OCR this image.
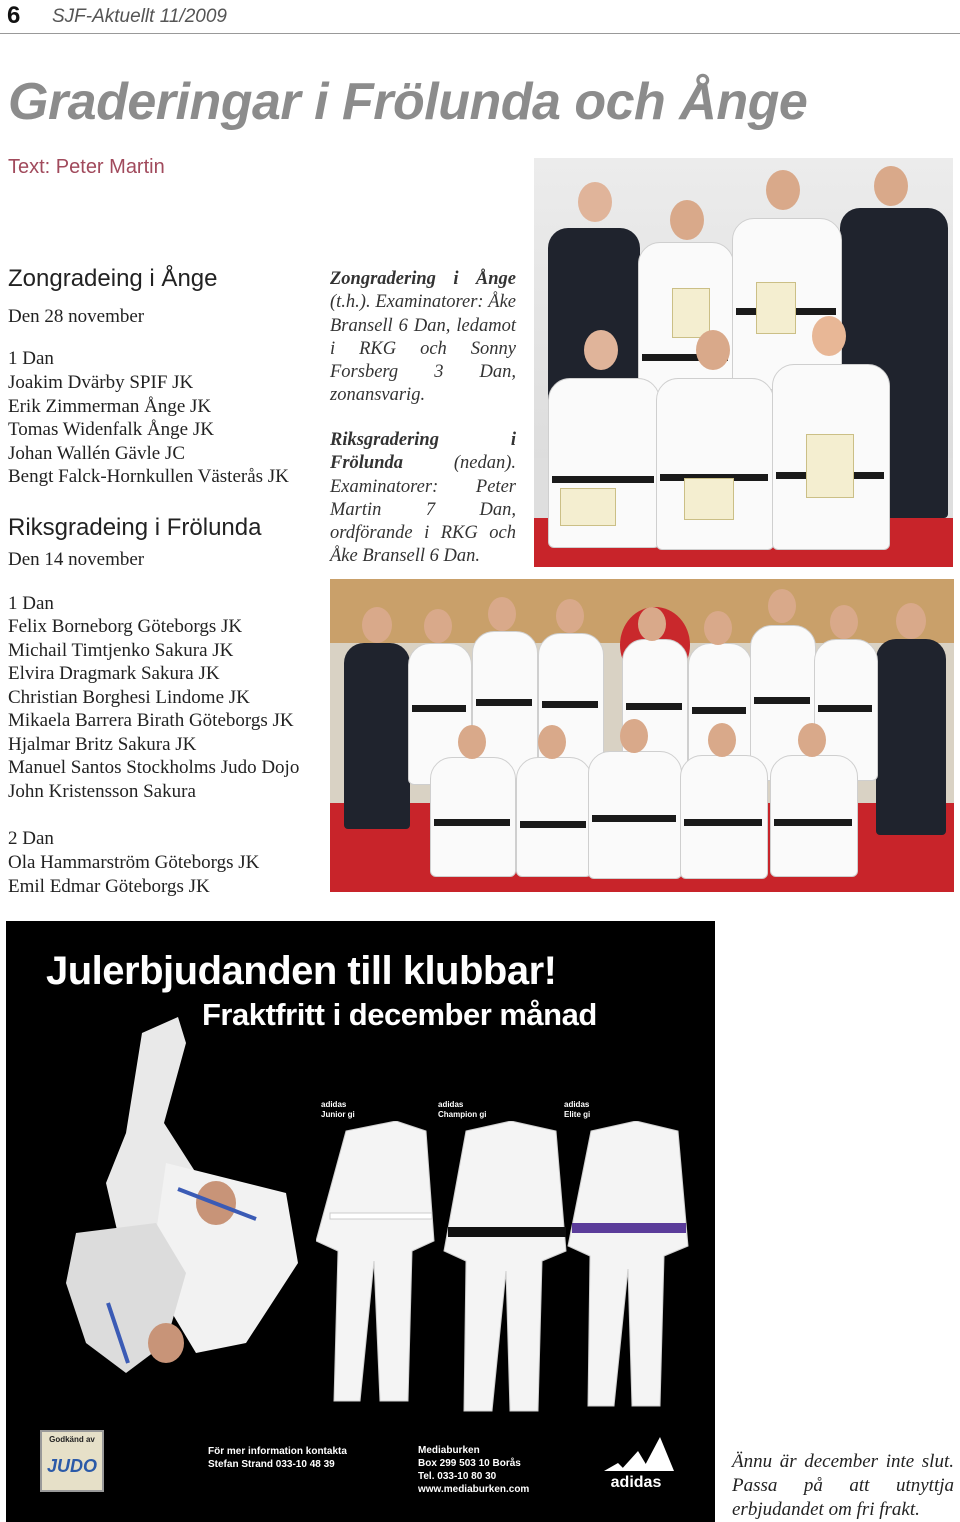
6 SJF-Aktuellt 11/2009
Graderingar i Frölunda och Ånge
Text: Peter Martin
Zongradeing i Ånge
Den 28 november
1 Dan
Joakim Dvärby SPIF JK
Erik Zimmerman Ånge JK
Tomas Widenfalk Ånge JK
Johan Wallén Gävle JC
Bengt Falck-Hornkullen Västerås JK
Riksgradeing i Frölunda
Den 14 november
1 Dan
Felix Borneborg Göteborgs JK
Michail Timtjenko Sakura JK
Elvira Dragmark Sakura JK
Christian Borghesi Lindome JK
Mikaela Barrera Birath Göteborgs JK
Hjalmar Britz Sakura JK
Manuel Santos Stockholms Judo Dojo
John Kristensson Sakura
2 Dan
Ola Hammarström Göteborgs JK
Emil Edmar Göteborgs JK
Zongradering i Ånge (t.h.). Examinatorer: Åke Bransell 6 Dan, ledamot i RKG och Sonny Forsberg 3 Dan, zonansvarig.
Riksgradering i Frölunda	(nedan). Examinatorer: Peter Martin 7 Dan, ordförande i RKG och Åke Bransell 6 Dan.
Julerbjudanden till klubbar!
Fraktfritt i december månad
adidas
Junior gi
adidas
Champion gi
adidas
Elite gi
Godkänd av
JUDO
För mer information kontakta
Stefan Strand 033-10 48 39
Mediaburken
Box 299 503 10 Borås
Tel. 033-10 80 30
www.mediaburken.com	adidas
Ännu är december inte slut. Passa på att utnyttja erbjudandet om fri frakt.
